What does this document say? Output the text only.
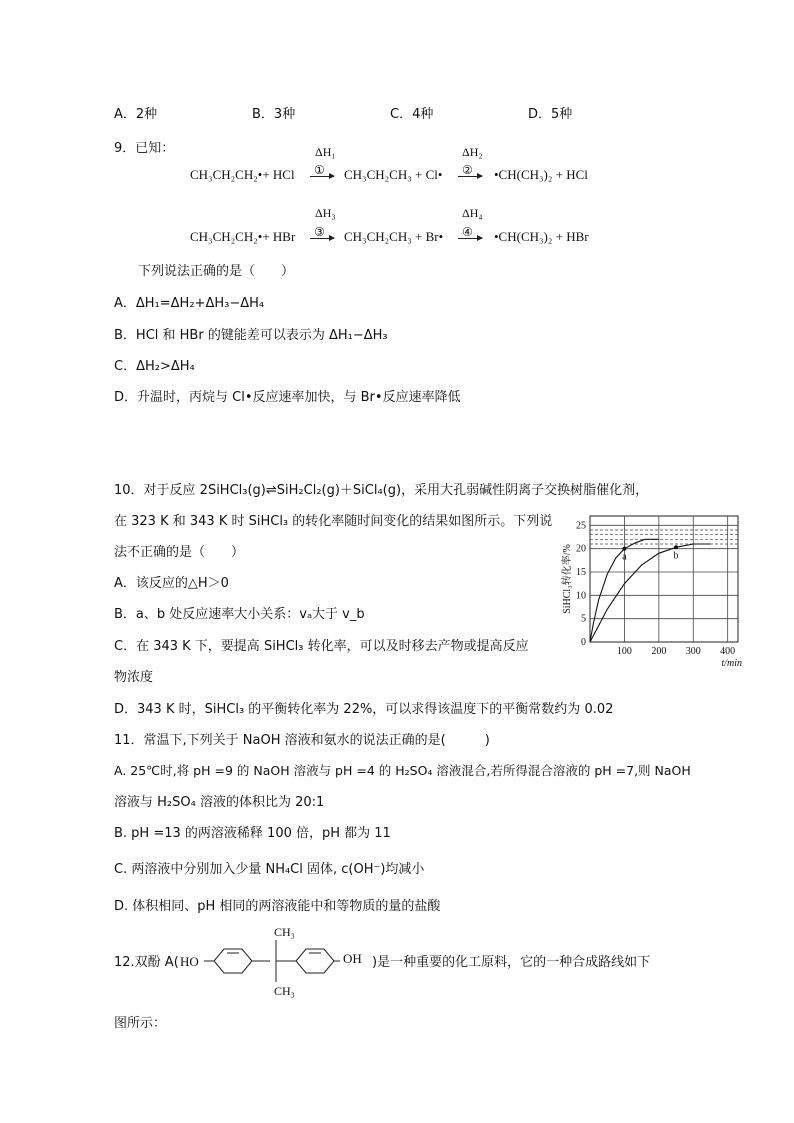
A．2种	B．3种	C．4种	D．5种
9．已知：	ΔH₁	ΔH₂
CH₃CH₂CH₂•+ HCl ① CH₃CH₂CH₃ + Cl• ② •CH(CH₃)₂ + HCl
ΔH₃	ΔH₄
CH₃CH₂CH₂•+ HBr ③ CH₃CH₂CH₃ + Br• ④ •CH(CH₃)₂ + HBr
下列说法正确的是（　　）
A．ΔH₁=ΔH₂+ΔH₃−ΔH₄
B．HCl 和 HBr 的键能差可以表示为 ΔH₁−ΔH₃
C．ΔH₂>ΔH₄
D．升温时，丙烷与 Cl•反应速率加快，与 Br•反应速率降低
10．对于反应 2SiHCl₃(g)⇌SiH₂Cl₂(g)＋SiCl₄(g)，采用大孔弱碱性阴离子交换树脂催化剂，
在 323 K 和 343 K 时 SiHCl₃ 的转化率随时间变化的结果如图所示。下列说
法不正确的是（　　）
A．该反应的△H＞0
B．a、b 处反应速率大小关系：vₐ大于 v_b
C．在 343 K 下，要提高 SiHCl₃ 转化率，可以及时移去产物或提高反应
物浓度
D．343 K 时，SiHCl₃ 的平衡转化率为 22%，可以求得该温度下的平衡常数约为 0.02
100 200 300 400
0
5
10
15
20
25
a	b
SiHCl₃转化率/%
t/min
11．常温下,下列关于 NaOH 溶液和氨水的说法正确的是(　　　)
A. 25℃时,将 pH =9 的 NaOH 溶液与 pH =4 的 H₂SO₄ 溶液混合,若所得混合溶液的 pH =7,则 NaOH
溶液与 H₂SO₄ 溶液的体积比为 20:1
B. pH =13 的两溶液稀释 100 倍，pH 都为 11
C. 两溶液中分别加入少量 NH₄Cl 固体, c(OH⁻)均减小
D. 体积相同、pH 相同的两溶液能中和等物质的量的盐酸
12.双酚 A( HO
CH₃
CH₃
OH )是一种重要的化工原料，它的一种合成路线如下
图所示：
